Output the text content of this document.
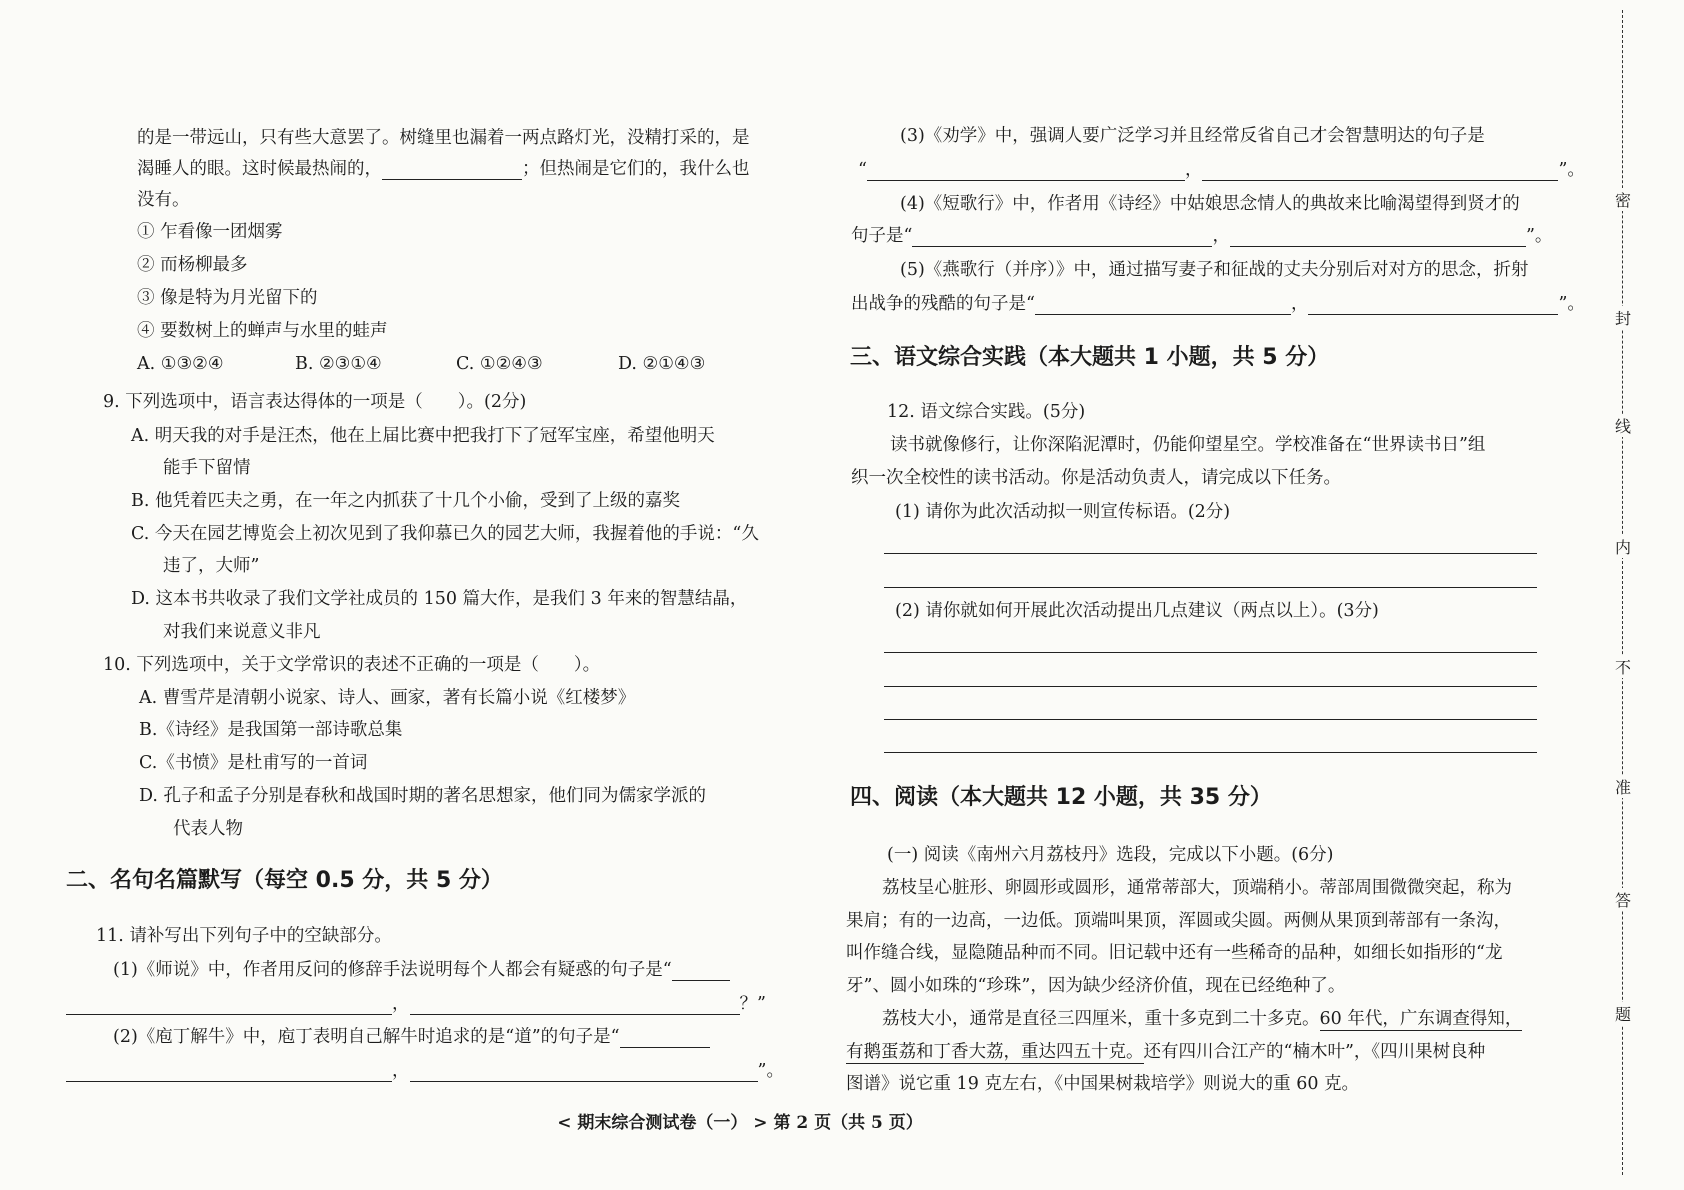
的是一带远山，只有些大意罢了。树缝里也漏着一两点路灯光，没精打采的，是
渴睡人的眼。这时候最热闹的，	；但热闹是它们的，我什么也
没有。
① 乍看像一团烟雾
② 而杨柳最多
③ 像是特为月光留下的
④ 要数树上的蝉声与水里的蛙声
A. ①③②④	B. ②③①④	C. ①②④③	D. ②①④③
9. 下列选项中，语言表达得体的一项是（　　）。(2分)
A. 明天我的对手是汪杰，他在上届比赛中把我打下了冠军宝座，希望他明天
能手下留情
B. 他凭着匹夫之勇，在一年之内抓获了十几个小偷，受到了上级的嘉奖
C. 今天在园艺博览会上初次见到了我仰慕已久的园艺大师，我握着他的手说：“久
违了，大师”
D. 这本书共收录了我们文学社成员的 150 篇大作，是我们 3 年来的智慧结晶，
对我们来说意义非凡
10. 下列选项中，关于文学常识的表述不正确的一项是（　　）。
A. 曹雪芹是清朝小说家、诗人、画家，著有长篇小说《红楼梦》
B.《诗经》是我国第一部诗歌总集
C.《书愤》是杜甫写的一首词
D. 孔子和孟子分别是春秋和战国时期的著名思想家，他们同为儒家学派的
代表人物
二、名句名篇默写（每空 0.5 分，共 5 分）
11. 请补写出下列句子中的空缺部分。
(1)《师说》中，作者用反问的修辞手法说明每个人都会有疑惑的句子是“
，	？”
(2)《庖丁解牛》中，庖丁表明自己解牛时追求的是“道”的句子是“
，	”。
(3)《劝学》中，强调人要广泛学习并且经常反省自己才会智慧明达的句子是
“	，	”。
(4)《短歌行》中，作者用《诗经》中姑娘思念情人的典故来比喻渴望得到贤才的
句子是“	，	”。
(5)《燕歌行（并序）》中，通过描写妻子和征战的丈夫分别后对对方的思念，折射
出战争的残酷的句子是“	，	”。
三、语文综合实践（本大题共 1 小题，共 5 分）
12. 语文综合实践。(5分)
读书就像修行，让你深陷泥潭时，仍能仰望星空。学校准备在“世界读书日”组
织一次全校性的读书活动。你是活动负责人，请完成以下任务。
(1) 请你为此次活动拟一则宣传标语。(2分)
(2) 请你就如何开展此次活动提出几点建议（两点以上）。(3分)
四、阅读（本大题共 12 小题，共 35 分）
(一) 阅读《南州六月荔枝丹》选段，完成以下小题。(6分)
荔枝呈心脏形、卵圆形或圆形，通常蒂部大，顶端稍小。蒂部周围微微突起，称为
果肩；有的一边高，一边低。顶端叫果顶，浑圆或尖圆。两侧从果顶到蒂部有一条沟，
叫作缝合线，显隐随品种而不同。旧记载中还有一些稀奇的品种，如细长如指形的“龙
牙”、圆小如珠的“珍珠”，因为缺少经济价值，现在已经绝种了。
荔枝大小，通常是直径三四厘米，重十多克到二十多克。60 年代，广东调查得知，
有鹅蛋荔和丁香大荔，重达四五十克。还有四川合江产的“楠木叶”，《四川果树良种
图谱》说它重 19 克左右，《中国果树栽培学》则说大的重 60 克。
< 期末综合测试卷（一） > 第 2 页（共 5 页）
密
封
线
内
不
准
答
题
